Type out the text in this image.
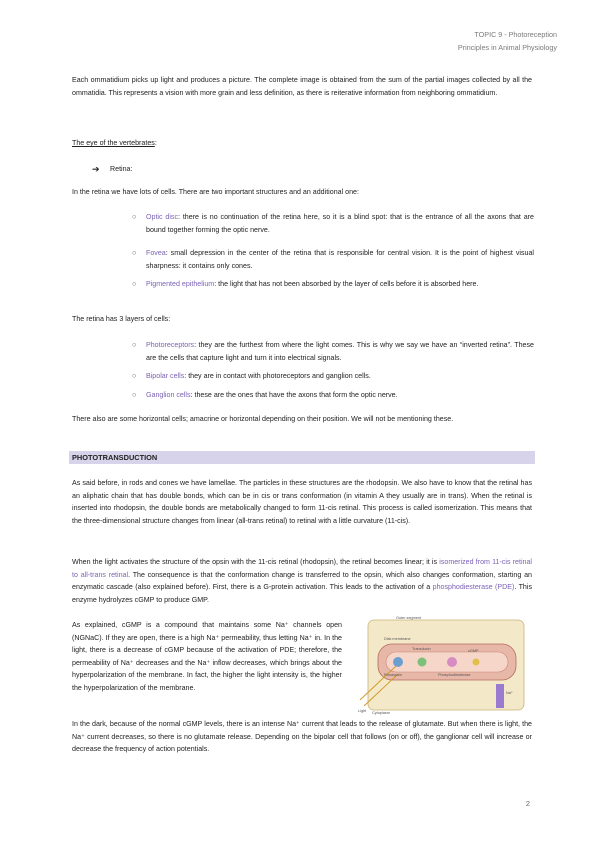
TOPIC 9 - Photoreception
Principles in Animal Physiology

Each ommatidium picks up light and produces a picture. The complete image is obtained from the sum of the partial images collected by all the ommatidia. This represents a vision with more grain and less definition, as there is reiterative information from neighboring ommatidium.

The eye of the vertebrates:

➔ Retina:

In the retina we have lots of cells. There are two important structures and an additional one:

○ Optic disc: there is no continuation of the retina here, so it is a blind spot: that is the entrance of all the axons that are bound together forming the optic nerve.

○ Fovea: small depression in the center of the retina that is responsible for central vision. It is the point of highest visual sharpness: it contains only cones.

○ Pigmented epithelium: the light that has not been absorbed by the layer of cells before it is absorbed here.

The retina has 3 layers of cells:

○ Photoreceptors: they are the furthest from where the light comes. This is why we say we have an “inverted retina”. These are the cells that capture light and turn it into electrical signals.

○ Bipolar cells: they are in contact with photoreceptors and ganglion cells.

○ Ganglion cells: these are the ones that have the axons that form the optic nerve.

There also are some horizontal cells; amacrine or horizontal depending on their position. We will not be mentioning these.

PHOTOTRANSDUCTION

As said before, in rods and cones we have lamellae. The particles in these structures are the rhodopsin. We also have to know that the retinal has an aliphatic chain that has double bonds, which can be in cis or trans conformation (in vitamin A they usually are in trans). When the retinal is inserted into rhodopsin, the double bonds are metabolically changed to form 11-cis retinal. This process is called isomerization. This means that the three-dimensional structure changes from linear (all-trans retinal) to retinal with a little curvature (11-cis).

When the light activates the structure of the opsin with the 11-cis retinal (rhodopsin), the retinal becomes linear; it is isomerized from 11-cis retinal to all-trans retinal. The consequence is that the conformation change is transferred to the opsin, which also changes conformation, starting an enzymatic cascade (also explained before). First, there is a G-protein activation. This leads to the activation of a phosphodiesterase (PDE). This enzyme hydrolyzes cGMP to produce GMP.

As explained, cGMP is a compound that maintains some Na⁺ channels open (NGNaC). If they are open, there is a high Na⁺ permeability, thus letting Na⁺ in. In the light, there is a decrease of cGMP because of the activation of PDE; therefore, the permeability of Na⁺ decreases and the Na⁺ inflow decreases, which brings about the hyperpolarization of the membrane. In fact, the higher the light intensity is, the higher the hyperpolarization of the membrane.

In the dark, because of the normal cGMP levels, there is an intense Na⁺ current that leads to the release of glutamate. But when there is light, the Na⁺ current decreases, so there is no glutamate release. Depending on the bipolar cell that follows (on or off), the ganglionar cell will increase or decrease the frequency of action potentials.

Outer segment
Disk membrane
Transducin
Rhodopsin
cGMP
Phosphodiesterase
Na⁺
Light Cytoplasm
2
